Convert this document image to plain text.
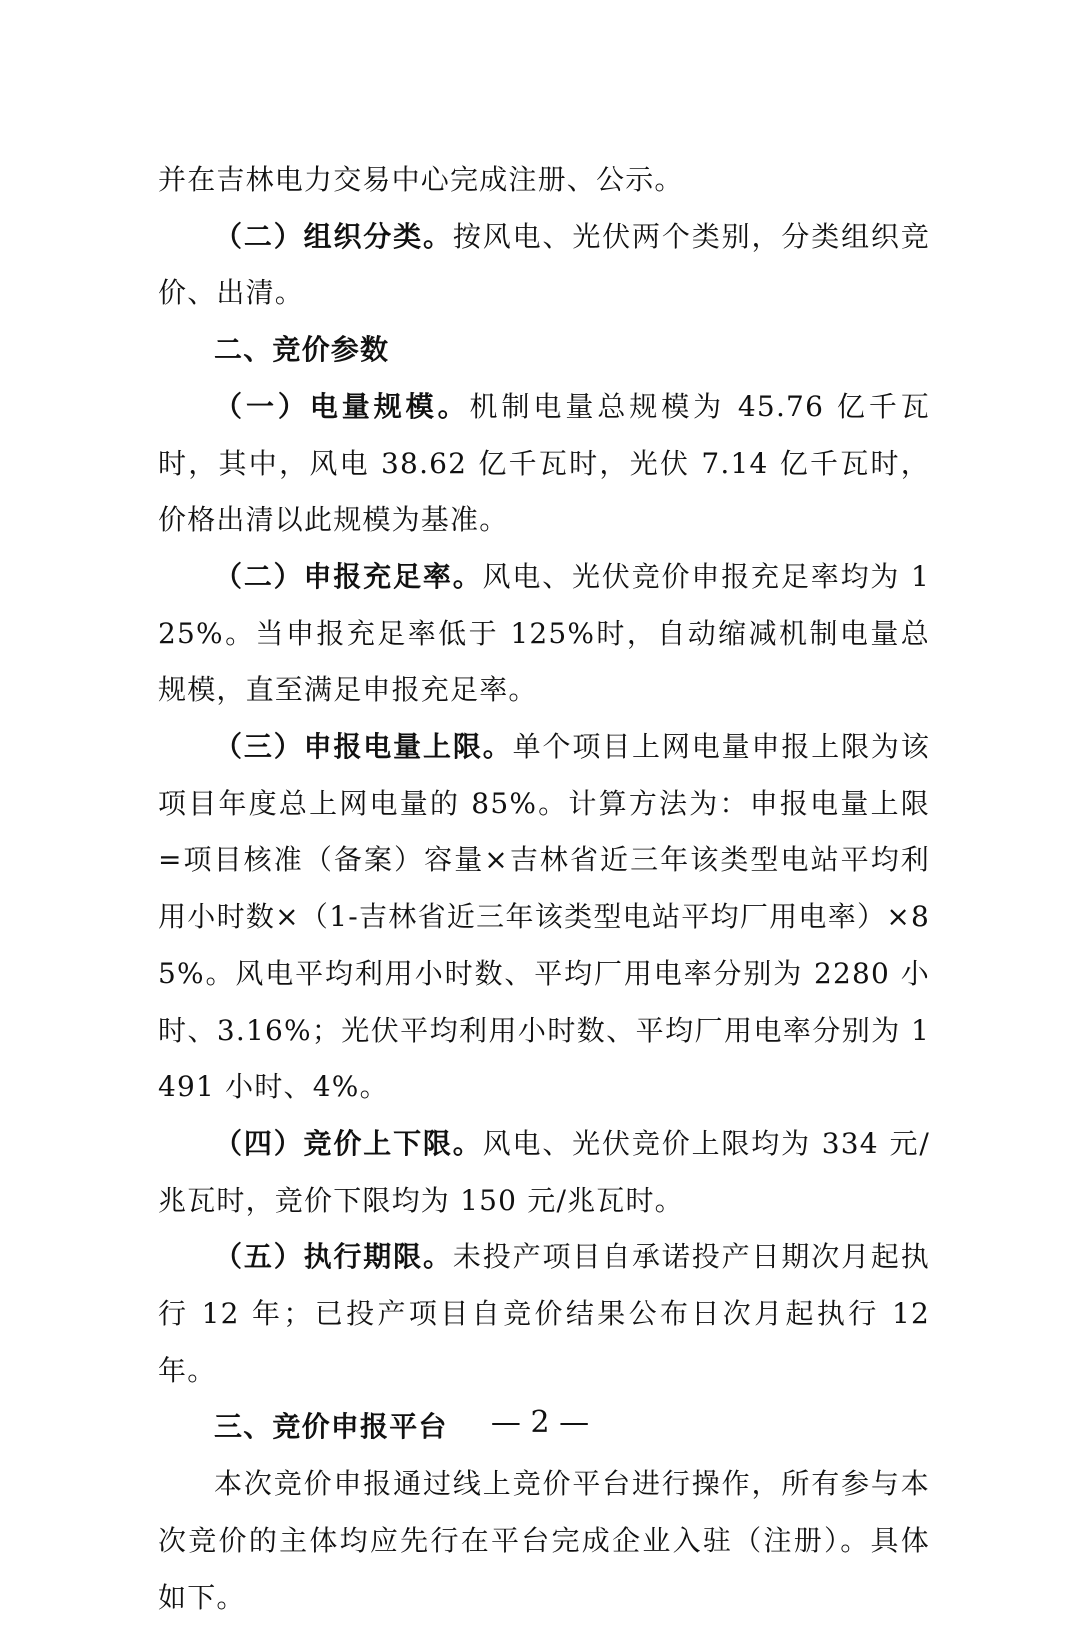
并在吉林电力交易中心完成注册、公示。

（二）组织分类。按风电、光伏两个类别，分类组织竞价、出清。

二、竞价参数

（一）电量规模。机制电量总规模为 45.76 亿千瓦时，其中，风电 38.62 亿千瓦时，光伏 7.14 亿千瓦时，价格出清以此规模为基准。

（二）申报充足率。风电、光伏竞价申报充足率均为 125%。当申报充足率低于 125%时，自动缩减机制电量总规模，直至满足申报充足率。

（三）申报电量上限。单个项目上网电量申报上限为该项目年度总上网电量的 85%。计算方法为：申报电量上限=项目核准（备案）容量×吉林省近三年该类型电站平均利用小时数×（1-吉林省近三年该类型电站平均厂用电率）×85%。风电平均利用小时数、平均厂用电率分别为 2280 小时、3.16%；光伏平均利用小时数、平均厂用电率分别为 1491 小时、4%。

（四）竞价上下限。风电、光伏竞价上限均为 334 元/兆瓦时，竞价下限均为 150 元/兆瓦时。

（五）执行期限。未投产项目自承诺投产日期次月起执行 12 年；已投产项目自竞价结果公布日次月起执行 12 年。

三、竞价申报平台

本次竞价申报通过线上竞价平台进行操作，所有参与本次竞价的主体均应先行在平台完成企业入驻（注册）。具体如下。

— 2 —
